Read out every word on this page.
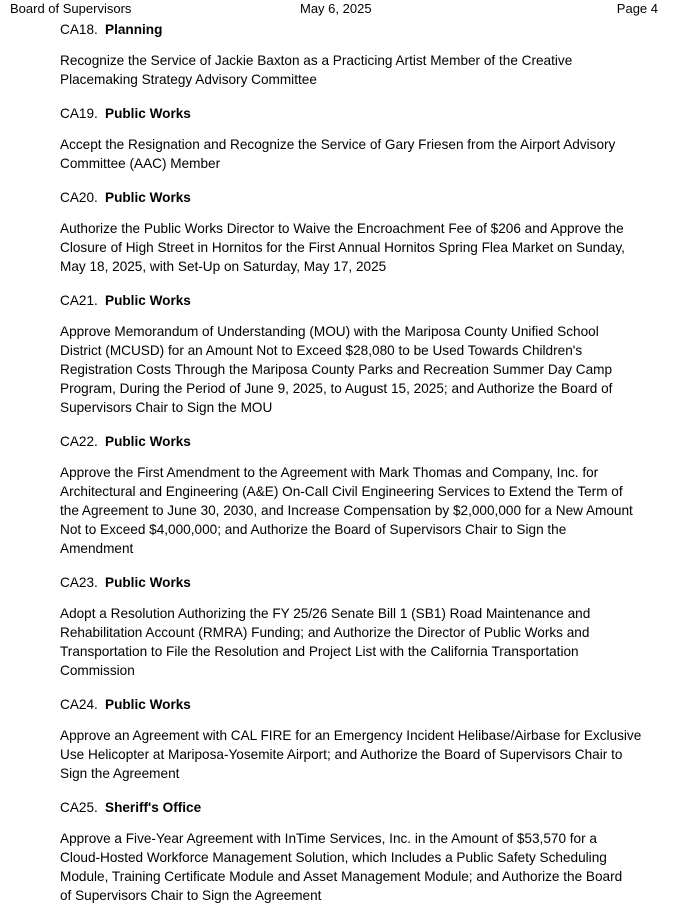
Board of Supervisors	May 6, 2025	Page 4
CA18. Planning
Recognize the Service of Jackie Baxton as a Practicing Artist Member of the Creative
Placemaking Strategy Advisory Committee
CA19. Public Works
Accept the Resignation and Recognize the Service of Gary Friesen from the Airport Advisory
Committee (AAC) Member
CA20. Public Works
Authorize the Public Works Director to Waive the Encroachment Fee of $206 and Approve the
Closure of High Street in Hornitos for the First Annual Hornitos Spring Flea Market on Sunday,
May 18, 2025, with Set-Up on Saturday, May 17, 2025
CA21. Public Works
Approve Memorandum of Understanding (MOU) with the Mariposa County Unified School
District (MCUSD) for an Amount Not to Exceed $28,080 to be Used Towards Children's
Registration Costs Through the Mariposa County Parks and Recreation Summer Day Camp
Program, During the Period of June 9, 2025, to August 15, 2025; and Authorize the Board of
Supervisors Chair to Sign the MOU
CA22. Public Works
Approve the First Amendment to the Agreement with Mark Thomas and Company, Inc. for
Architectural and Engineering (A&E) On-Call Civil Engineering Services to Extend the Term of
the Agreement to June 30, 2030, and Increase Compensation by $2,000,000 for a New Amount
Not to Exceed $4,000,000; and Authorize the Board of Supervisors Chair to Sign the
Amendment
CA23. Public Works
Adopt a Resolution Authorizing the FY 25/26 Senate Bill 1 (SB1) Road Maintenance and
Rehabilitation Account (RMRA) Funding; and Authorize the Director of Public Works and
Transportation to File the Resolution and Project List with the California Transportation
Commission
CA24. Public Works
Approve an Agreement with CAL FIRE for an Emergency Incident Helibase/Airbase for Exclusive
Use Helicopter at Mariposa-Yosemite Airport; and Authorize the Board of Supervisors Chair to
Sign the Agreement
CA25. Sheriff's Office
Approve a Five-Year Agreement with InTime Services, Inc. in the Amount of $53,570 for a
Cloud-Hosted Workforce Management Solution, which Includes a Public Safety Scheduling
Module, Training Certificate Module and Asset Management Module; and Authorize the Board
of Supervisors Chair to Sign the Agreement
